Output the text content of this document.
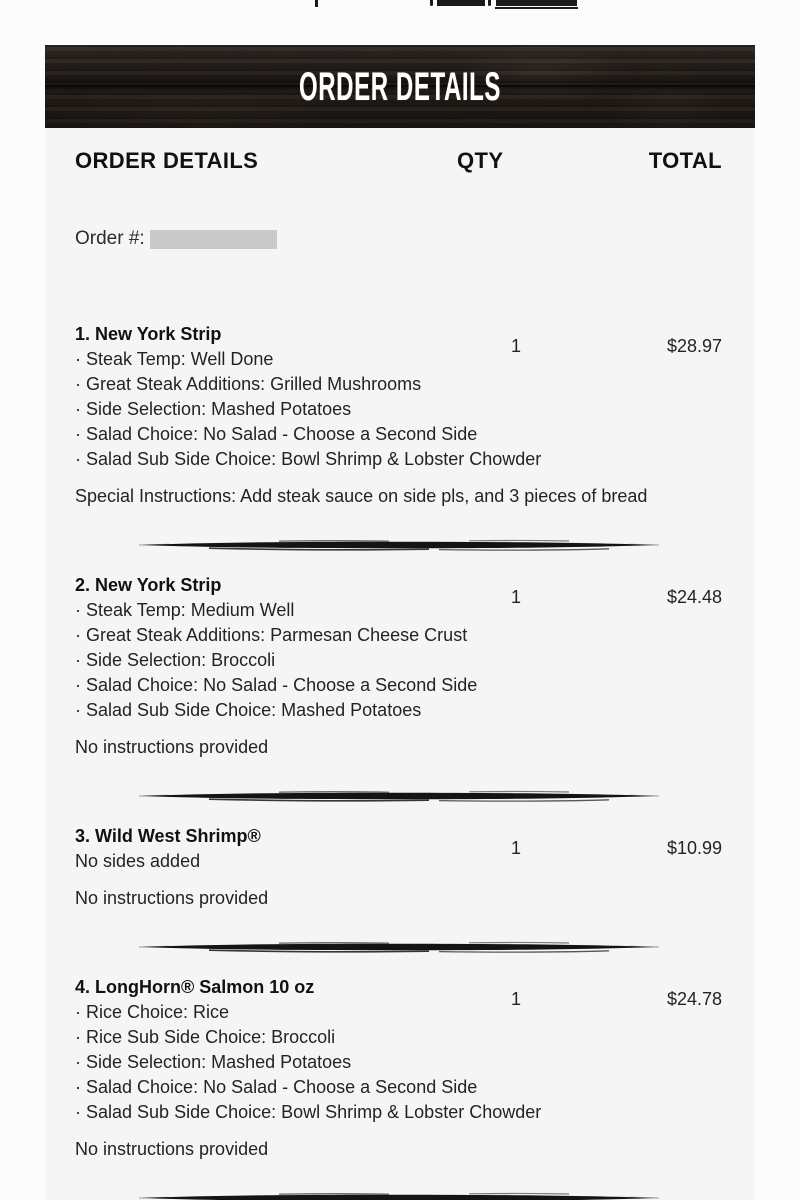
ORDER DETAILS
ORDER DETAILS	QTY	TOTAL
Order #:
1. New York Strip
· Steak Temp: Well Done
· Great Steak Additions: Grilled Mushrooms
· Side Selection: Mashed Potatoes
· Salad Choice: No Salad - Choose a Second Side
· Salad Sub Side Choice: Bowl Shrimp & Lobster Chowder
1	$28.97
Special Instructions: Add steak sauce on side pls, and 3 pieces of bread
2. New York Strip
· Steak Temp: Medium Well
· Great Steak Additions: Parmesan Cheese Crust
· Side Selection: Broccoli
· Salad Choice: No Salad - Choose a Second Side
· Salad Sub Side Choice: Mashed Potatoes
1	$24.48
No instructions provided
3. Wild West Shrimp®
No sides added
1	$10.99
No instructions provided
4. LongHorn® Salmon 10 oz
· Rice Choice: Rice
· Rice Sub Side Choice: Broccoli
· Side Selection: Mashed Potatoes
· Salad Choice: No Salad - Choose a Second Side
· Salad Sub Side Choice: Bowl Shrimp & Lobster Chowder
1	$24.78
No instructions provided
